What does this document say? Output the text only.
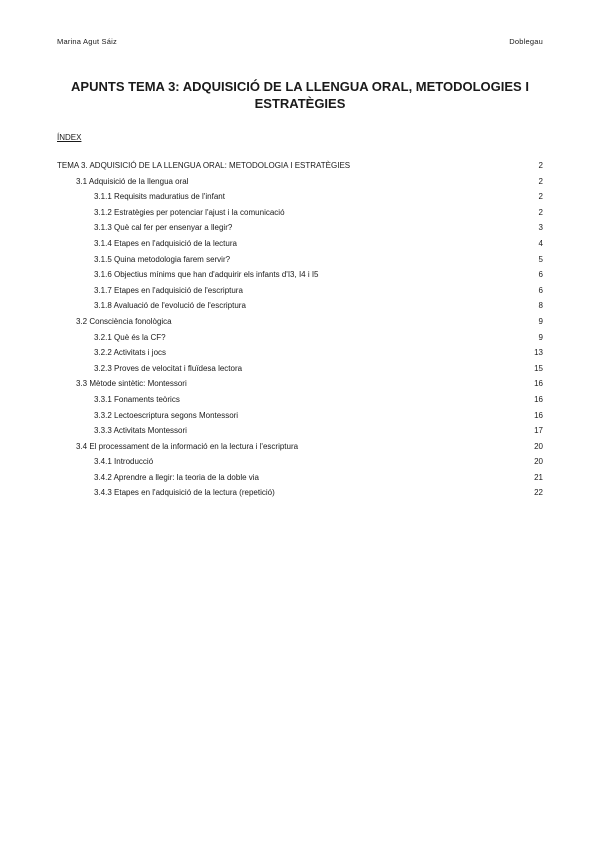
Marina Agut Sáiz	Doblegau
APUNTS TEMA 3: ADQUISICIÓ DE LA LLENGUA ORAL, METODOLOGIES I ESTRATÈGIES
ÍNDEX
TEMA 3. ADQUISICIÓ DE LA LLENGUA ORAL: METODOLOGIA I ESTRATÈGIES	2
3.1 Adquisició de la llengua oral	2
3.1.1 Requisits maduratius de l'infant	2
3.1.2 Estratègies per potenciar l'ajust i la comunicació	2
3.1.3 Què cal fer per ensenyar a llegir?	3
3.1.4 Etapes en l'adquisició de la lectura	4
3.1.5 Quina metodologia farem servir?	5
3.1.6 Objectius mínims que han d'adquirir els infants d'I3, I4 i I5	6
3.1.7 Etapes en l'adquisició de l'escriptura	6
3.1.8 Avaluació de l'evolució de l'escriptura	8
3.2 Consciència fonològica	9
3.2.1 Què és la CF?	9
3.2.2 Activitats i jocs	13
3.2.3 Proves de velocitat i fluïdesa lectora	15
3.3 Mètode sintètic: Montessori	16
3.3.1 Fonaments teòrics	16
3.3.2 Lectoescriptura segons Montessori	16
3.3.3 Activitats Montessori	17
3.4 El processament de la informació en la lectura i l'escriptura	20
3.4.1 Introducció	20
3.4.2 Aprendre a llegir: la teoria de la doble via	21
3.4.3 Etapes en l'adquisició de la lectura (repetició)	22
